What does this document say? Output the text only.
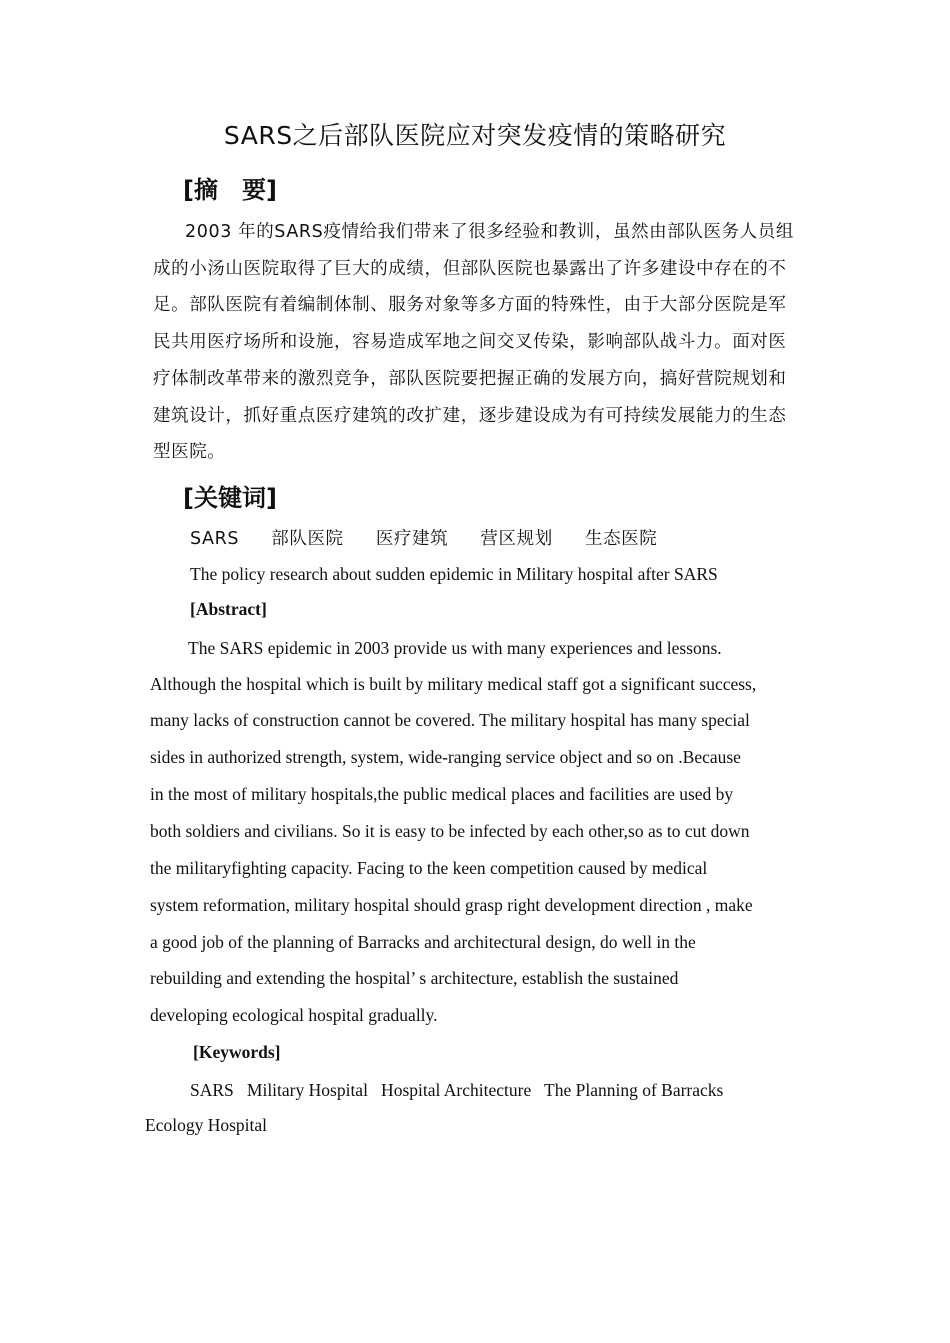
SARS之后部队医院应对突发疫情的策略研究
[摘　要]
2003 年的SARS疫情给我们带来了很多经验和教训，虽然由部队医务人员组
成的小汤山医院取得了巨大的成绩，但部队医院也暴露出了许多建设中存在的不
足。部队医院有着编制体制、服务对象等多方面的特殊性，由于大部分医院是军
民共用医疗场所和设施，容易造成军地之间交叉传染，影响部队战斗力。面对医
疗体制改革带来的激烈竞争，部队医院要把握正确的发展方向，搞好营院规划和
建筑设计，抓好重点医疗建筑的改扩建，逐步建设成为有可持续发展能力的生态
型医院。
[关键词]
SARS 部队医院 医疗建筑 营区规划 生态医院
The policy research about sudden epidemic in Military hospital after SARS
[Abstract]
The SARS epidemic in 2003 provide us with many experiences and lessons.
Although the hospital which is built by military medical staff got a significant success,
many lacks of construction cannot be covered. The military hospital has many special
sides in authorized strength, system, wide-ranging service object and so on .Because
in the most of military hospitals,the public medical places and facilities are used by
both soldiers and civilians. So it is easy to be infected by each other,so as to cut down
the militaryfighting capacity. Facing to the keen competition caused by medical
system reformation, military hospital should grasp right development direction , make
a good job of the planning of Barracks and architectural design, do well in the
rebuilding and extending the hospital’ s architecture, establish the sustained
developing ecological hospital gradually.
[Keywords]
SARS   Military Hospital   Hospital Architecture   The Planning of Barracks
Ecology Hospital
